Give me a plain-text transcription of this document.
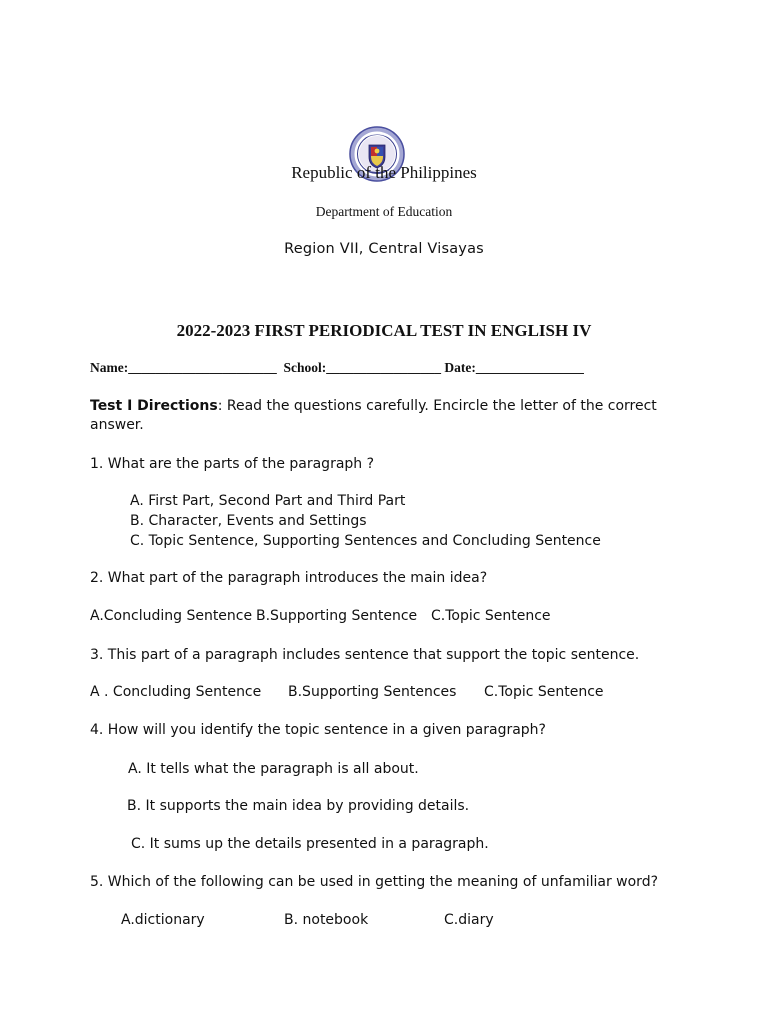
Republic of the Philippines
Department of Education
Region VII, Central Visayas
2022-2023 FIRST PERIODICAL TEST IN ENGLISH IV
Name:______________________ School:_________________ Date:________________
Test I Directions: Read the questions carefully. Encircle the letter of the correct
answer.
1. What are the parts of the paragraph ?
A. First Part, Second Part and Third Part
B. Character, Events and Settings
C. Topic Sentence, Supporting Sentences and Concluding Sentence
2. What part of the paragraph introduces the main idea?
A.Concluding Sentence B.Supporting Sentence C.Topic Sentence
3. This part of a paragraph includes sentence that support the topic sentence.
A . Concluding Sentence B.Supporting Sentences C.Topic Sentence
4. How will you identify the topic sentence in a given paragraph?
A. It tells what the paragraph is all about.
B. It supports the main idea by providing details.
C. It sums up the details presented in a paragraph.
5. Which of the following can be used in getting the meaning of unfamiliar word?
A.dictionary	B. notebook	C.diary
